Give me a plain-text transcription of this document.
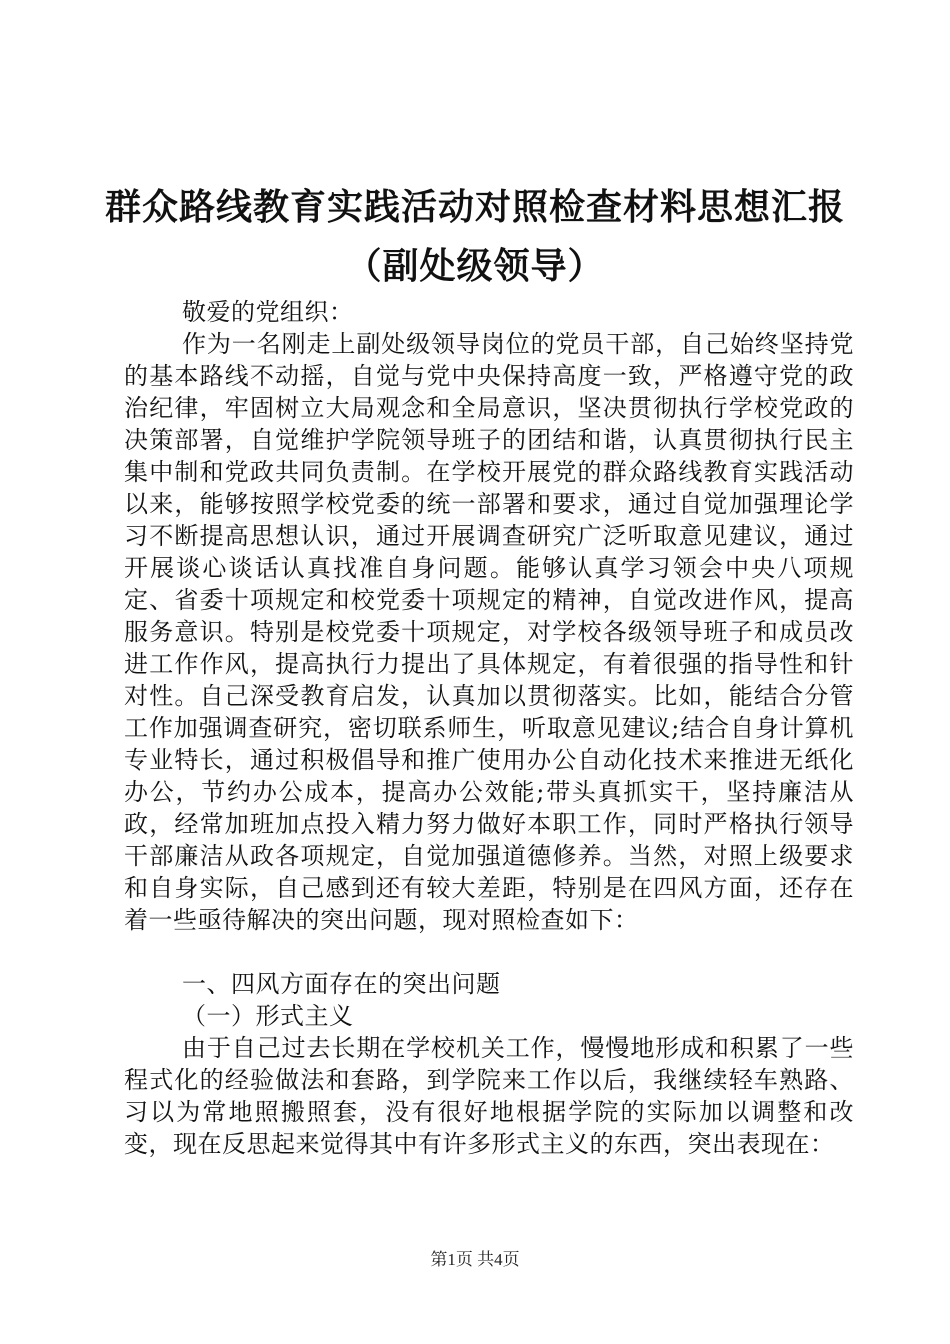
群众路线教育实践活动对照检查材料思想汇报
（副处级领导）

敬爱的党组织：

作为一名刚走上副处级领导岗位的党员干部，自己始终坚持党的基本路线不动摇，自觉与党中央保持高度一致，严格遵守党的政治纪律，牢固树立大局观念和全局意识，坚决贯彻执行学校党政的决策部署，自觉维护学院领导班子的团结和谐，认真贯彻执行民主集中制和党政共同负责制。在学校开展党的群众路线教育实践活动以来，能够按照学校党委的统一部署和要求，通过自觉加强理论学习不断提高思想认识，通过开展调查研究广泛听取意见建议，通过开展谈心谈话认真找准自身问题。能够认真学习领会中央八项规定、省委十项规定和校党委十项规定的精神，自觉改进作风，提高服务意识。特别是校党委十项规定，对学校各级领导班子和成员改进工作作风，提高执行力提出了具体规定，有着很强的指导性和针对性。自己深受教育启发，认真加以贯彻落实。比如，能结合分管工作加强调查研究，密切联系师生，听取意见建议;结合自身计算机专业特长，通过积极倡导和推广使用办公自动化技术来推进无纸化办公，节约办公成本，提高办公效能;带头真抓实干，坚持廉洁从政，经常加班加点投入精力努力做好本职工作，同时严格执行领导干部廉洁从政各项规定，自觉加强道德修养。当然，对照上级要求和自身实际，自己感到还有较大差距，特别是在四风方面，还存在着一些亟待解决的突出问题，现对照检查如下：

一、四风方面存在的突出问题

（一）形式主义

由于自己过去长期在学校机关工作，慢慢地形成和积累了一些程式化的经验做法和套路，到学院来工作以后，我继续轻车熟路、习以为常地照搬照套，没有很好地根据学院的实际加以调整和改变，现在反思起来觉得其中有许多形式主义的东西，突出表现在：

第1页 共4页
